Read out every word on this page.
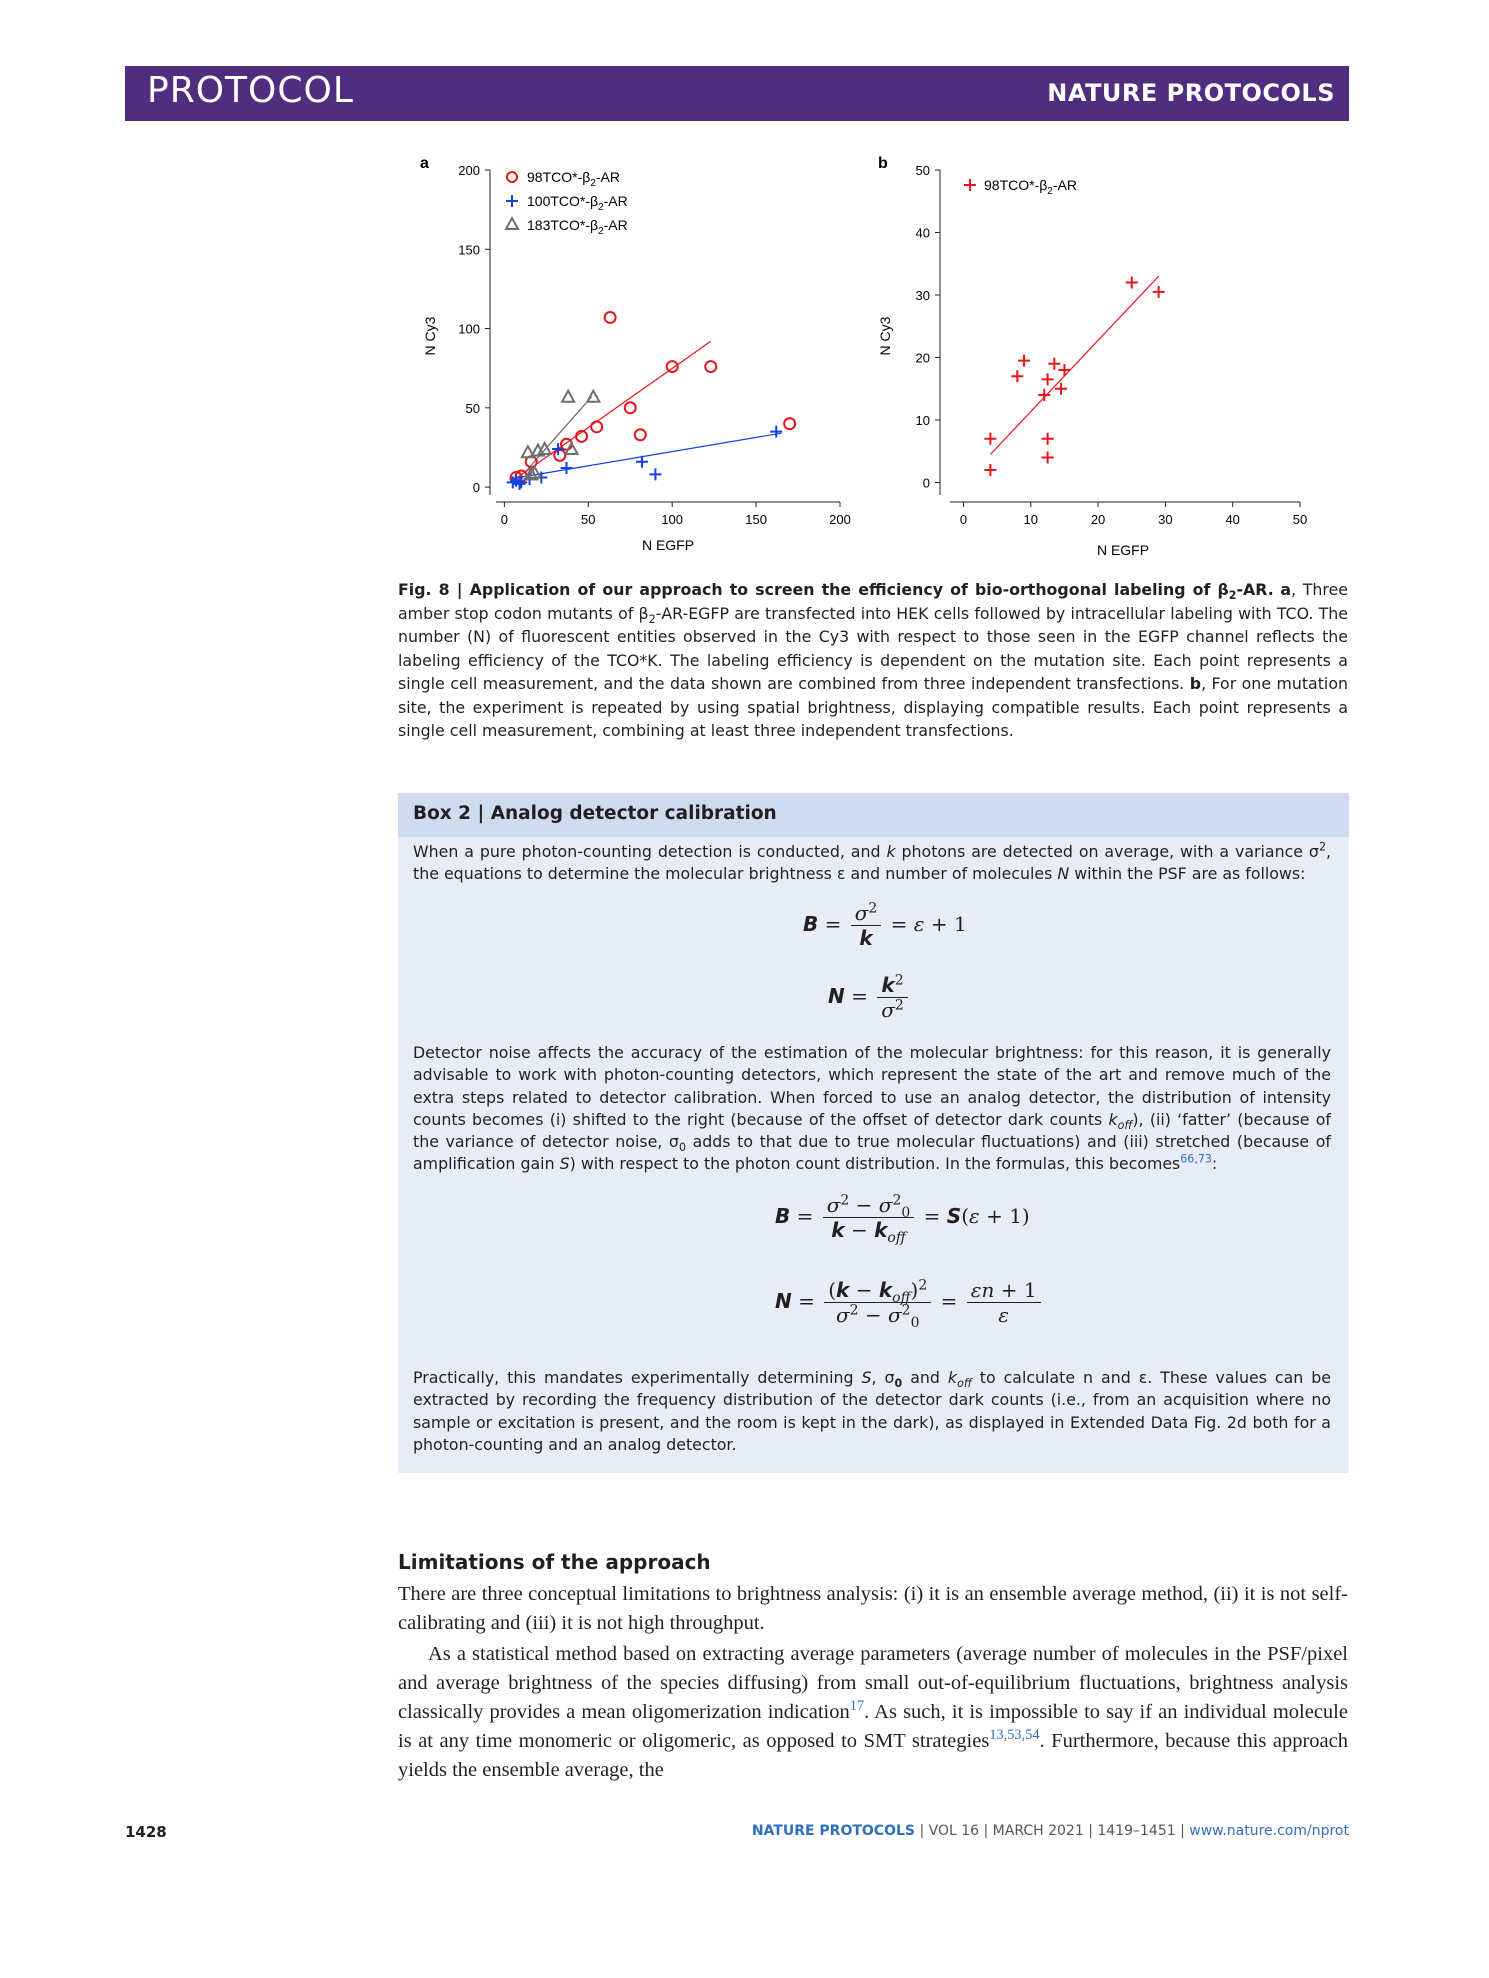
PROTOCOL	NATURE PROTOCOLS
a
0
50
100
150
200
0	50	100	150	200
N EGFP
N Cy3
$98TCO*-\beta_2-AR$
$100TCO*-\beta_2-AR$
$183TCO*-\beta_2-AR$
b
0
10
20
30
40
50
0	10	20	30	40	50
N EGFP
N Cy3
$98TCO*-\beta_2-AR$
Fig. 8 | Application of our approach to screen the efficiency of bio-orthogonal labeling of $\beta_2-AR$. a, Three amber stop codon mutants of $\beta_2-AR$-EGFP are transfected into HEK cells followed by intracellular labeling with TCO. The number (N) of fluorescent entities observed in the Cy3 with respect to those seen in the EGFP channel reflects the labeling efficiency of the TCO*K. The labeling efficiency is dependent on the mutation site. Each point represents a single cell measurement, and the data shown are combined from three independent transfections. b, For one mutation site, the experiment is repeated by using spatial brightness, displaying compatible results. Each point represents a single cell measurement, combining at least three independent transfections.
Box 2 | Analog detector calibration
When a pure photon-counting detection is conducted, and k photons are detected on average, with a variance $\sigma^2$, the equations to determine the molecular brightness ε and number of molecules N within the PSF are as follows:
$B = \frac{\sigma^2}{k} = \varepsilon + 1$
$N = \frac{k^2}{\sigma^2}$
Detector noise affects the accuracy of the estimation of the molecular brightness: for this reason, it is generally advisable to work with photon-counting detectors, which represent the state of the art and remove much of the extra steps related to detector calibration. When forced to use an analog detector, the distribution of intensity counts becomes (i) shifted to the right (because of the offset of detector dark counts $k_{off}$), (ii) ‘fatter’ (because of the variance of detector noise, $\sigma_0$ adds to that due to true molecular fluctuations) and (iii) stretched (because of amplification gain S) with respect to the photon count distribution. In the formulas, this becomes$^{66,73}$:
$B = \frac{\sigma^2 - \sigma^2_0}{k - k_{off}} = S(\varepsilon + 1)$
$N = \frac{(k - k_{off})^2}{\sigma^2 - \sigma^2_0} = \frac{\varepsilon n + 1}{\varepsilon}$
Practically, this mandates experimentally determining S, $\sigma_0$ and $k_{off}$ to calculate n and ε. These values can be extracted by recording the frequency distribution of the detector dark counts (i.e., from an acquisition where no sample or excitation is present, and the room is kept in the dark), as displayed in Extended Data Fig. 2d both for a photon-counting and an analog detector.
Limitations of the approach
There are three conceptual limitations to brightness analysis: (i) it is an ensemble average method, (ii) it is not self-calibrating and (iii) it is not high throughput.
As a statistical method based on extracting average parameters (average number of molecules in the PSF/pixel and average brightness of the species diffusing) from small out-of-equilibrium fluctuations, brightness analysis classically provides a mean oligomerization indication$^{17}$. As such, it is impossible to say if an individual molecule is at any time monomeric or oligomeric, as opposed to SMT strategies$^{13,53,54}$. Furthermore, because this approach yields the ensemble average, the
1428	NATURE PROTOCOLS | VOL 16 | MARCH 2021 | 1419–1451 | www.nature.com/nprot
